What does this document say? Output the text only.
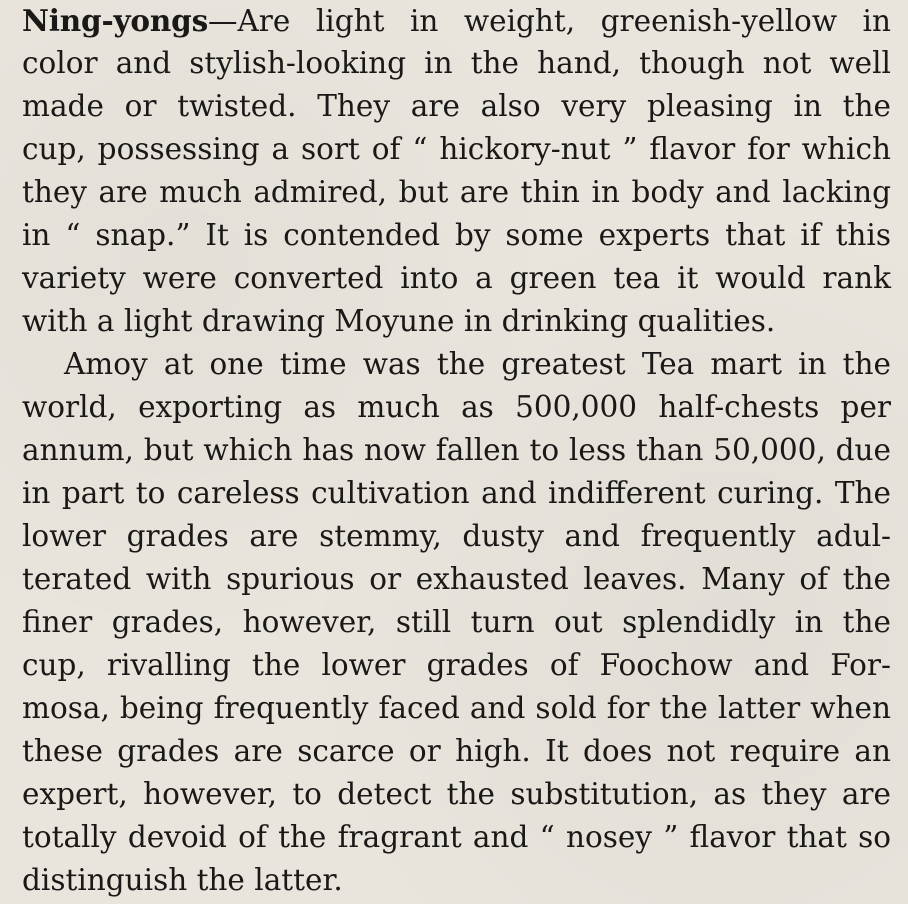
Ning-yongs—Are light in weight, greenish-yellow in
color and stylish-looking in the hand, though not well
made or twisted. They are also very pleasing in the
cup, possessing a sort of “ hickory-nut ” flavor for which
they are much admired, but are thin in body and lacking
in “ snap.” It is contended by some experts that if this
variety were converted into a green tea it would rank
with a light drawing Moyune in drinking qualities.
Amoy at one time was the greatest Tea mart in the
world, exporting as much as 500,000 half-chests per
annum, but which has now fallen to less than 50,000, due
in part to careless cultivation and indifferent curing. The
lower grades are stemmy, dusty and frequently adul-
terated with spurious or exhausted leaves. Many of the
finer grades, however, still turn out splendidly in the
cup, rivalling the lower grades of Foochow and For-
mosa, being frequently faced and sold for the latter when
these grades are scarce or high. It does not require an
expert, however, to detect the substitution, as they are
totally devoid of the fragrant and “ nosey ” flavor that so
distinguish the latter.
